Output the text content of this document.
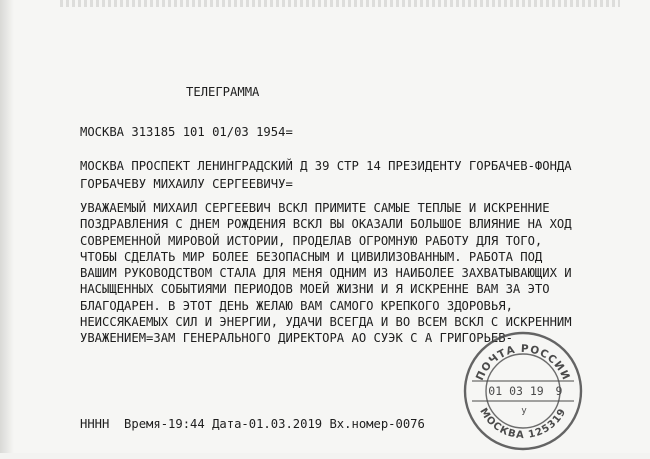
ТЕЛЕГРАММА
МОСКВА 313185 101 01/03 1954=
МОСКВА ПРОСПЕКТ ЛЕНИНГРАДСКИЙ Д 39 СТР 14 ПРЕЗИДЕНТУ ГОРБАЧЕВ-ФОНДА
ГОРБАЧЕВУ МИХАИЛУ СЕРГЕЕВИЧУ=
УВАЖАЕМЫЙ МИХАИЛ СЕРГЕЕВИЧ ВСКЛ ПРИМИТЕ САМЫЕ ТЕПЛЫЕ И ИСКРЕННИЕ
ПОЗДРАВЛЕНИЯ С ДНЕМ РОЖДЕНИЯ ВСКЛ ВЫ ОКАЗАЛИ БОЛЬШОЕ ВЛИЯНИЕ НА ХОД
СОВРЕМЕННОЙ МИРОВОЙ ИСТОРИИ, ПРОДЕЛАВ ОГРОМНУЮ РАБОТУ ДЛЯ ТОГО,
ЧТОБЫ СДЕЛАТЬ МИР БОЛЕЕ БЕЗОПАСНЫМ И ЦИВИЛИЗОВАННЫМ. РАБОТА ПОД
ВАШИМ РУКОВОДСТВОМ СТАЛА ДЛЯ МЕНЯ ОДНИМ ИЗ НАИБОЛЕЕ ЗАХВАТЫВАЮЩИХ И
НАСЫЩЕННЫХ СОБЫТИЯМИ ПЕРИОДОВ МОЕЙ ЖИЗНИ И Я ИСКРЕННЕ ВАМ ЗА ЭТО
БЛАГОДАРЕН. В ЭТОТ ДЕНЬ ЖЕЛАЮ ВАМ САМОГО КРЕПКОГО ЗДОРОВЬЯ,
НЕИССЯКАЕМЫХ СИЛ И ЭНЕРГИИ, УДАЧИ ВСЕГДА И ВО ВСЕМ ВСКЛ С ИСКРЕННИМ
УВАЖЕНИЕМ=ЗАМ ГЕНЕРАЛЬНОГО ДИРЕКТОРА АО СУЭК С А ГРИГОРЬЕВ-
НННН  Время-19:44 Дата-01.03.2019 Вх.номер-0076
ПОЧТА РОССИИ
МОСКВА 125319
01 03 19 9
у
